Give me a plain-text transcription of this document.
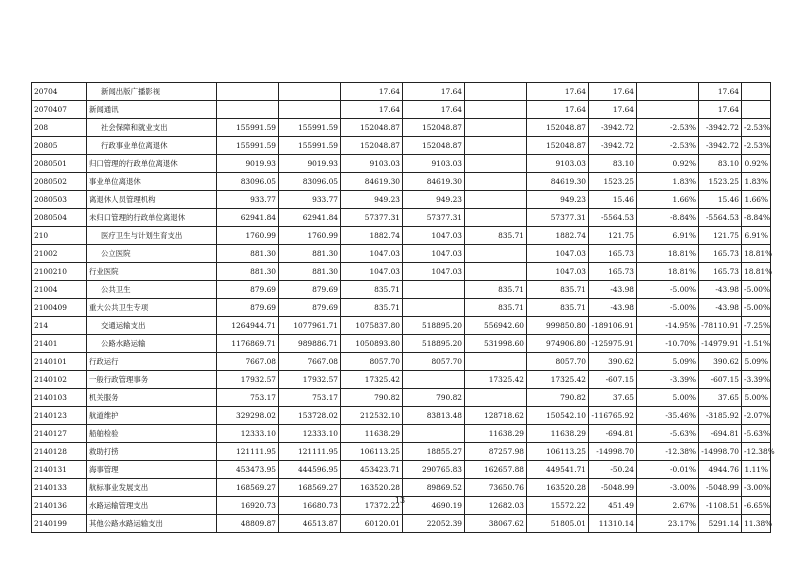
20704	新闻出版广播影视			17.64	17.64		17.64	17.64		17.64	
2070407	新闻通讯			17.64	17.64		17.64	17.64		17.64	
208	社会保障和就业支出	155991.59	155991.59	152048.87	152048.87		152048.87	-3942.72	-2.53%	-3942.72	-2.53%
20805	行政事业单位离退休	155991.59	155991.59	152048.87	152048.87		152048.87	-3942.72	-2.53%	-3942.72	-2.53%
2080501	归口管理的行政单位离退休	9019.93	9019.93	9103.03	9103.03		9103.03	83.10	0.92%	83.10	0.92%
2080502	事业单位离退休	83096.05	83096.05	84619.30	84619.30		84619.30	1523.25	1.83%	1523.25	1.83%
2080503	离退休人员管理机构	933.77	933.77	949.23	949.23		949.23	15.46	1.66%	15.46	1.66%
2080504	未归口管理的行政单位离退休	62941.84	62941.84	57377.31	57377.31		57377.31	-5564.53	-8.84%	-5564.53	-8.84%
210	医疗卫生与计划生育支出	1760.99	1760.99	1882.74	1047.03	835.71	1882.74	121.75	6.91%	121.75	6.91%
21002	公立医院	881.30	881.30	1047.03	1047.03		1047.03	165.73	18.81%	165.73	18.81%
2100210	行业医院	881.30	881.30	1047.03	1047.03		1047.03	165.73	18.81%	165.73	18.81%
21004	公共卫生	879.69	879.69	835.71		835.71	835.71	-43.98	-5.00%	-43.98	-5.00%
2100409	重大公共卫生专项	879.69	879.69	835.71		835.71	835.71	-43.98	-5.00%	-43.98	-5.00%
214	交通运输支出	1264944.71	1077961.71	1075837.80	518895.20	556942.60	999850.80	-189106.91	-14.95%	-78110.91	-7.25%
21401	公路水路运输	1176869.71	989886.71	1050893.80	518895.20	531998.60	974906.80	-125975.91	-10.70%	-14979.91	-1.51%
2140101	行政运行	7667.08	7667.08	8057.70	8057.70		8057.70	390.62	5.09%	390.62	5.09%
2140102	一般行政管理事务	17932.57	17932.57	17325.42		17325.42	17325.42	-607.15	-3.39%	-607.15	-3.39%
2140103	机关服务	753.17	753.17	790.82	790.82		790.82	37.65	5.00%	37.65	5.00%
2140123	航道维护	329298.02	153728.02	212532.10	83813.48	128718.62	150542.10	-116765.92	-35.46%	-3185.92	-2.07%
2140127	船舶检验	12333.10	12333.10	11638.29		11638.29	11638.29	-694.81	-5.63%	-694.81	-5.63%
2140128	救助打捞	121111.95	121111.95	106113.25	18855.27	87257.98	106113.25	-14998.70	-12.38%	-14998.70	-12.38%
2140131	海事管理	453473.95	444596.95	453423.71	290765.83	162657.88	449541.71	-50.24	-0.01%	4944.76	1.11%
2140133	航标事业发展支出	168569.27	168569.27	163520.28	89869.52	73650.76	163520.28	-5048.99	-3.00%	-5048.99	-3.00%
2140136	水路运输管理支出	16920.73	16680.73	17372.22	4690.19	12682.03	15572.22	451.49	2.67%	-1108.51	-6.65%
2140199	其他公路水路运输支出	48809.87	46513.87	60120.01	22052.39	38067.62	51805.01	11310.14	23.17%	5291.14	11.38%
13
